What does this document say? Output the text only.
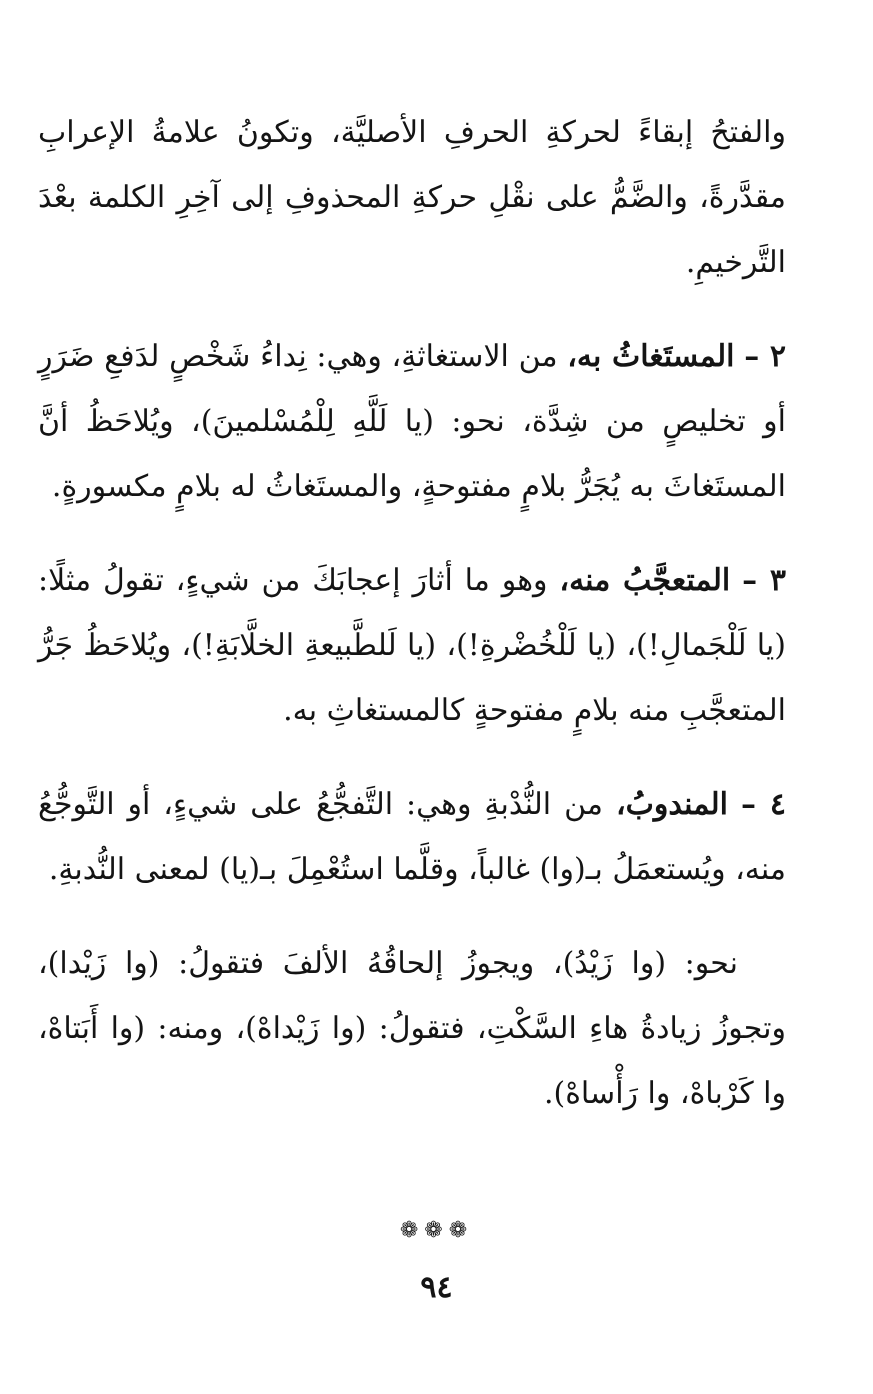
والفتحُ إبقاءً لحركةِ الحرفِ الأصليَّة، وتكونُ علامةُ الإعرابِ مقدَّرةً، والضَّمُّ على نقْلِ حركةِ المحذوفِ إلى آخِرِ الكلمة بعْدَ التَّرخيمِ.

٢ – المستَغاثُ به، من الاستغاثةِ، وهي: نِداءُ شَخْصٍ لدَفعِ ضَرَرٍ أو تخليصٍ من شِدَّة، نحو: (يا لَلَّهِ لِلْمُسْلمينَ)، ويُلاحَظُ أنَّ المستَغاثَ به يُجَرُّ بلامٍ مفتوحةٍ، والمستَغاثُ له بلامٍ مكسورةٍ.

٣ – المتعجَّبُ منه، وهو ما أثارَ إعجابَكَ من شيءٍ، تقولُ مثلًا: (يا لَلْجَمالِ!)، (يا لَلْخُضْرةِ!)، (يا لَلطَّبيعةِ الخلَّابَةِ!)، ويُلاحَظُ جَرُّ المتعجَّبِ منه بلامٍ مفتوحةٍ كالمستغاثِ به.

٤ – المندوبُ، من النُّدْبةِ وهي: التَّفجُّعُ على شيءٍ، أو التَّوجُّعُ منه، ويُستعمَلُ بـ(وا) غالباً، وقلَّما استُعْمِلَ بـ(يا) لمعنى النُّدبةِ.

نحو: (وا زَيْدُ)، ويجوزُ إلحاقُهُ الألفَ فتقولُ: (وا زَيْدا)، وتجوزُ زيادةُ هاءِ السَّكْتِ، فتقولُ: (وا زَيْداهْ)، ومنه: (وا أَبَتاهْ، وا كَرْباهْ، وا رَأْساهْ).

❁❁❁
٩٤
